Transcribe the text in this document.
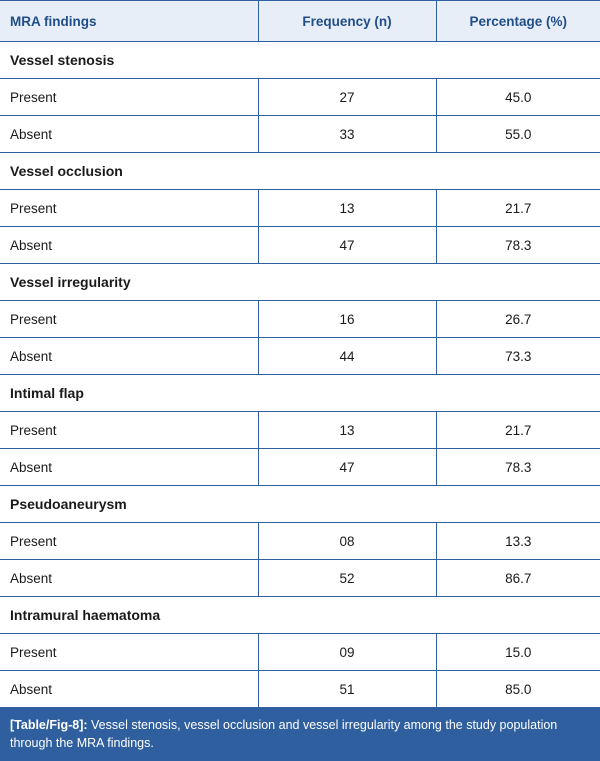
MRA findings	Frequency (n)	Percentage (%)
Vessel stenosis		
Present	27	45.0
Absent	33	55.0
Vessel occlusion		
Present	13	21.7
Absent	47	78.3
Vessel irregularity		
Present	16	26.7
Absent	44	73.3
Intimal flap		
Present	13	21.7
Absent	47	78.3
Pseudoaneurysm		
Present	08	13.3
Absent	52	86.7
Intramural haematoma		
Present	09	15.0
Absent	51	85.0
[Table/Fig-8]: Vessel stenosis, vessel occlusion and vessel irregularity among the study population through the MRA findings.
